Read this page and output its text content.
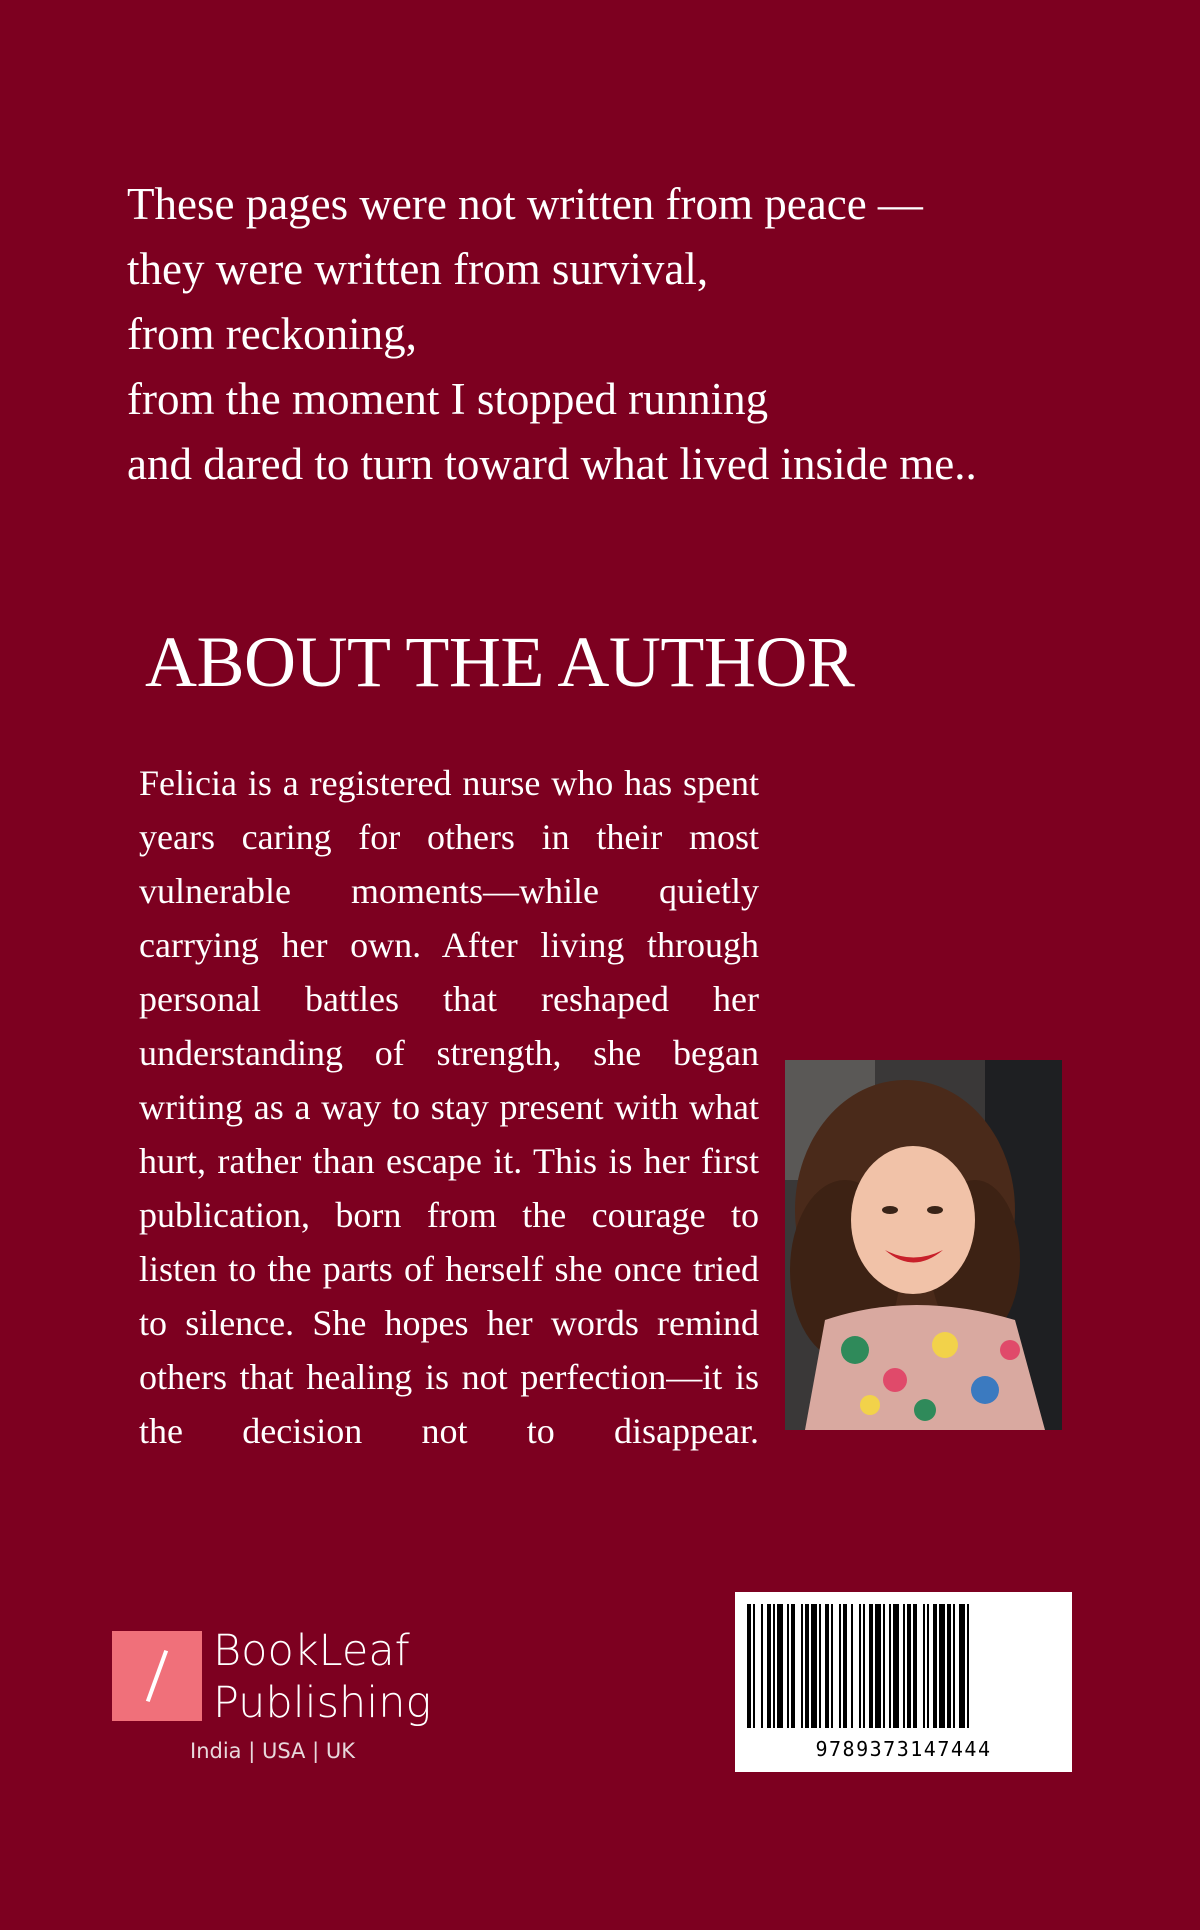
These pages were not written from peace —
they were written from survival,
from reckoning,
from the moment I stopped running
and dared to turn toward what lived inside me..
ABOUT THE AUTHOR

Felicia is a registered nurse who has spent years caring for others in their most vulnerable moments—while quietly carrying her own. After living through personal battles that reshaped her understanding of strength, she began writing as a way to stay present with what hurt, rather than escape it. This is her first publication, born from the courage to listen to the parts of herself she once tried to silence. She hopes her words remind others that healing is not perfection—it is the decision not to disappear.

BookLeaf
Publishing
India | USA | UK	9789373147444
